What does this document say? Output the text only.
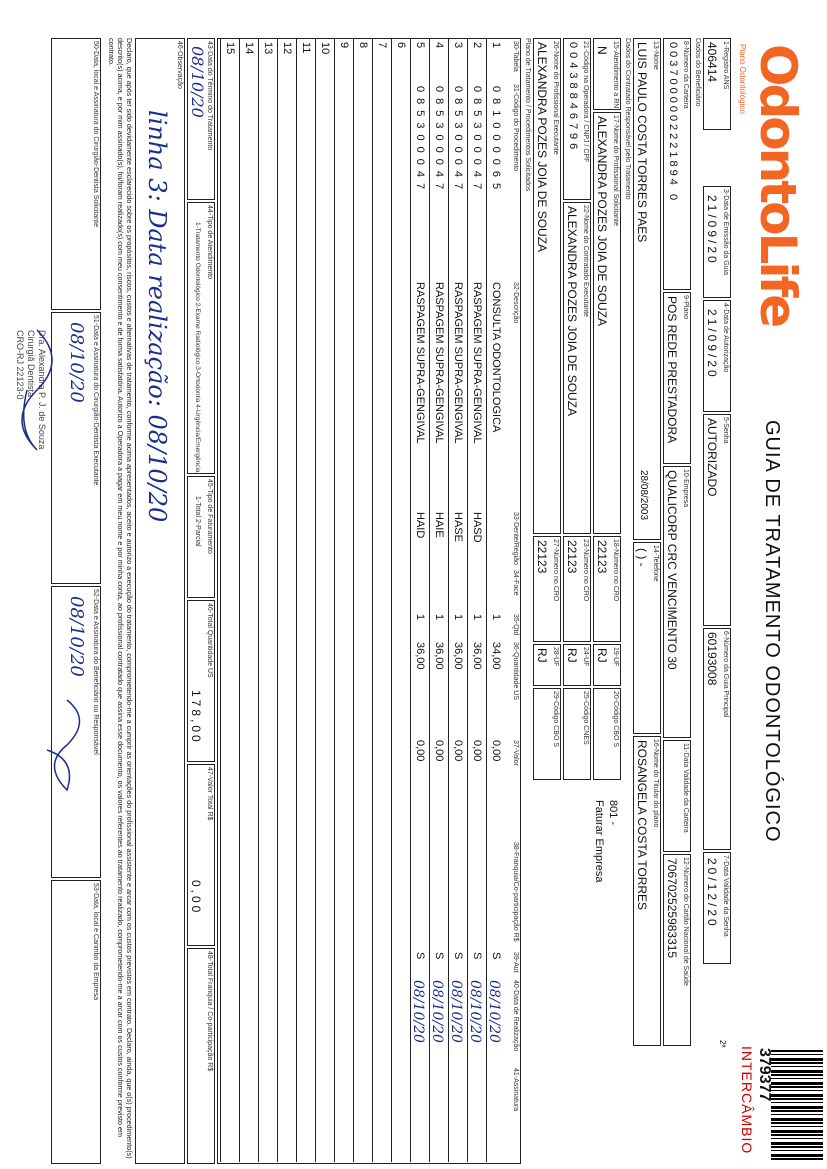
OdontoLife
Plano Odontológico
GUIA DE TRATAMENTO ODONTOLÓGICO
379377
INTERCÂMBIO
2ª
1-Registro ANS
406414
3-Data de Emissão da Guia
21/09/20
4-Data de Autorização
21/09/20
5-Senha
AUTORIZADO
6-Número da Guia Principal
60193008
7-Data Validade da Senha
20/12/20
Dados do Beneficiário
8-Número da Carteira
0037000002221894 0
9-Plano
POS REDE PRESTADORA
10-Empresa
QUALICORP CRC VENCIMENTO 30
11-Data Validade da Carteira
12-Número do Cartão Nacional de Saúde
706702525983315
13-Nome
LUIS PAULO COSTA TORRES PAES
28/08/2003
14-Telefone
( ) -
16-Nome do Titular do plano
ROSANGELA COSTA TORRES
Dados do Contratado Responsável pelo Tratamento
15-Atendimento a RN
N
17-Nome do Profissional Solicitante
ALEXANDRA POZES JOIA DE SOUZA
18-Número no CRO
22123
19-UF
RJ
20-Código CBO S
801 -
Faturar Empresa
21-Código na Operadora / CNPJ / CPF
00438846796
22-Nome do Contratado Executante
ALEXANDRA POZES JOIA DE SOUZA
23-Número no CRO
22123
24-UF
RJ
25-Código CNES
26-Nome do Profissional Executante
ALEXANDRA POZES JOIA DE SOUZA
27-Número no CRO
22123
28-UF
RJ
29-Código CBO S
Plano de Tratamento / Procedimentos Solicitados
30-Tabela
31-Código do Procedimento
32-Descrição
33-Dente/Região
34-Face
35-Qtd
36-Quantidade US
37-Valor
38-Franquia/Co-participação R$
39-Aut
40-Data de Realização
41-Assinatura
43-Data do Término do Tratamento
08/10/20
44-Tipo de Atendimento
1-Tratamento Odontológico 2-Exame Radiológico 3-Ortodontia 4-Urgência/Emergência
45-Tipo de Faturamento
1-Total 2-Parcial
46-Total Quantidade US
178,00
47-Valor Total R$
0,00
48-Total Franquia / Co-participação R$
46-Observação
linha 3: Data realização: 08/10/20
Declaro, que após ter sido devidamente esclarecido sobre os propósitos, riscos, custos e alternativas de tratamento, conforme acima apresentados, aceito e autorizo a execução do tratamento, comprometendo-me a cumprir as orientações do profissional assistente e arcar com os custos previstos em contrato. Declaro, ainda, que o(s) procedimento(s) descrito(s) acima, e por mim assinado(s), foi/foram realizado(s) com meu consentimento e de forma satisfatória. Autorizo a Operadora a pagar em meu nome e por minha conta, ao profissional contratado que assina esse documento, os valores referentes ao tratamento realizado, comprometendo-me a arcar com os custos conforme previsto em contrato.
50-Data, local e Assinatura do Cirurgião-Dentista Solicitante
51-Data e Assinatura do Cirurgião-Dentista Executante
08/10/20
52-Data e Assinatura do Beneficiário ou Responsável
08/10/20
53-Data, local e Carimbo da Empresa
Dra. Alexandra P. J. de Souza
Cirurgiã Dentista
CRO-RJ 22123-0
1
081000065
CONSULTA ODONTOLOGICA
1
34,00
0,00
S
08/10/20
2
085300047
RASPAGEM SUPRA-GENGIVAL
HASD
1
36,00
0,00
S
08/10/20
3
085300047
RASPAGEM SUPRA-GENGIVAL
HASE
1
36,00
0,00
S
08/10/20
4
085300047
RASPAGEM SUPRA-GENGIVAL
HAIE
1
36,00
0,00
S
08/10/20
5
085300047
RASPAGEM SUPRA-GENGIVAL
HAID
1
36,00
0,00
S
08/10/20
6
7
8
9
10
11
12
13
14
15
